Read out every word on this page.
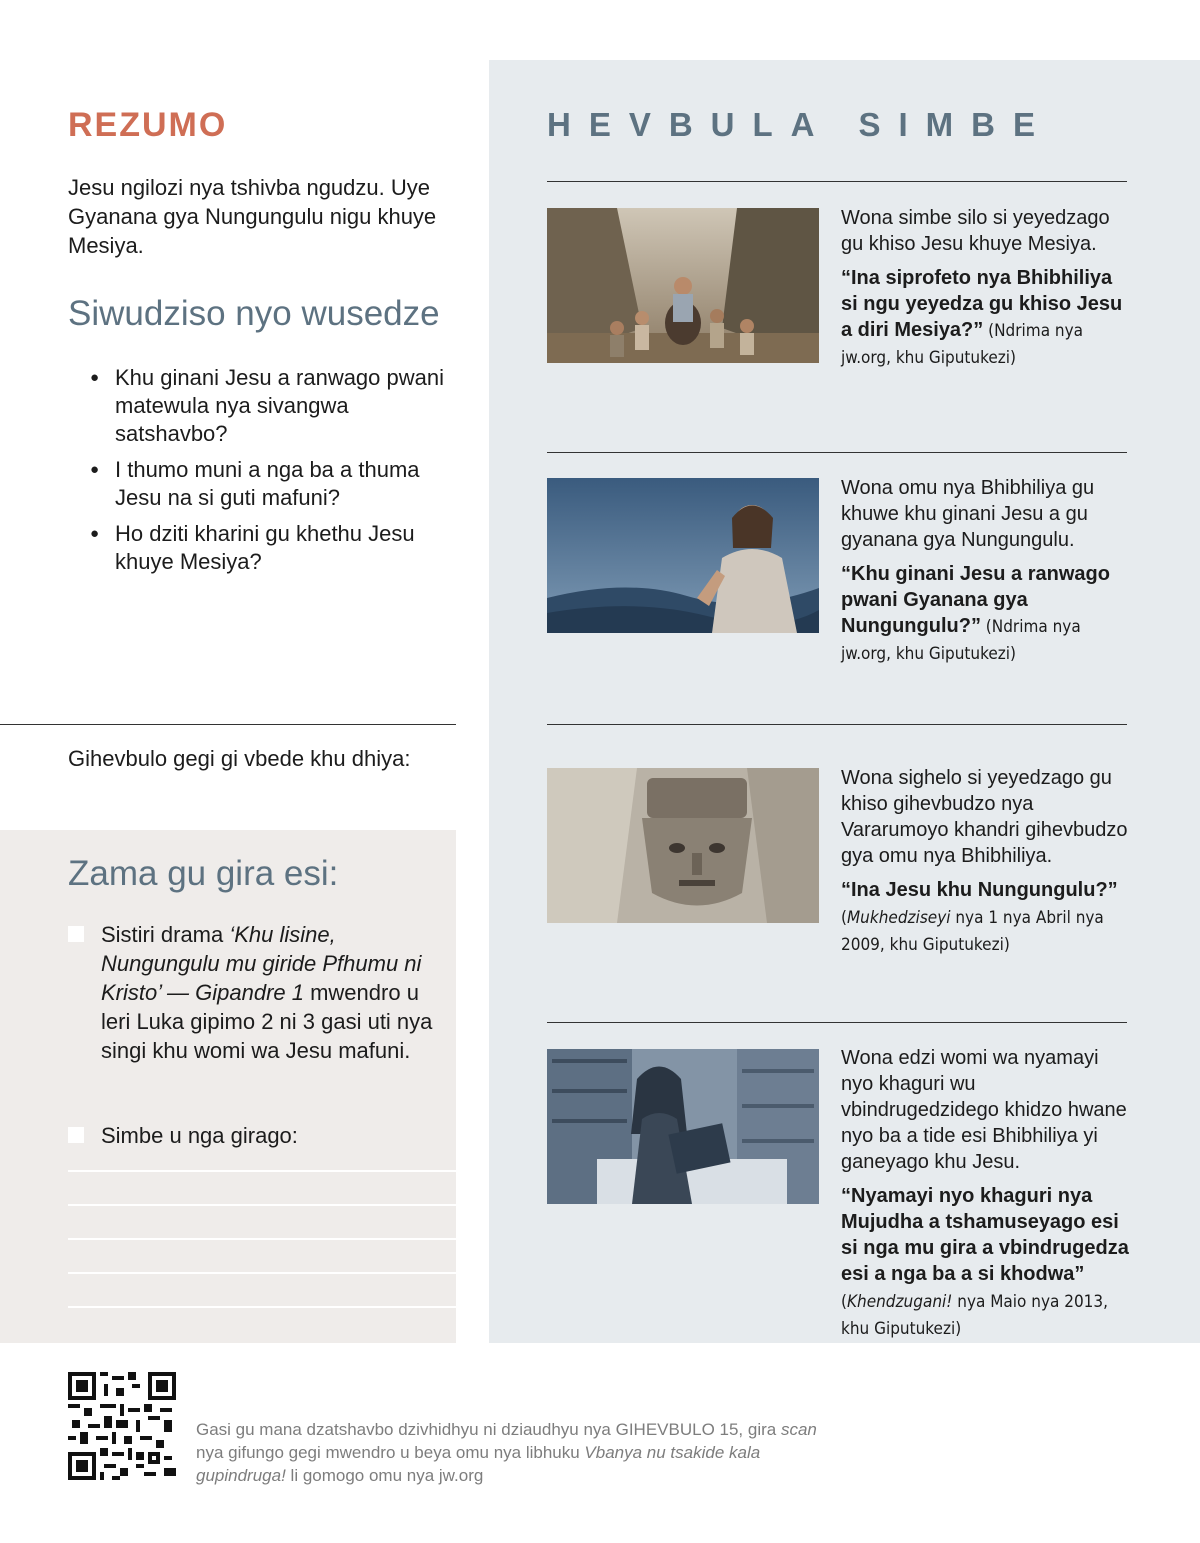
REZUMO

Jesu ngilozi nya tshivba ngudzu. Uye Gyanana gya Nungungulu nigu khuye Mesiya.

Siwudziso nyo wusedze
● Khu ginani Jesu a ranwago pwani matewula nya sivangwa satshavbo?
● I thumo muni a nga ba a thuma Jesu na si guti mafuni?
● Ho dziti kharini gu khethu Jesu khuye Mesiya?

Gihevbulo gegi gi vbede khu dhiya:

Zama gu gira esi:
Sistiri drama ‘Khu lisine, Nungungulu mu giride Pfhumu ni Kristo’ — Gipandre 1 mwendro u leri Luka gipimo 2 ni 3 gasi uti nya singi khu womi wa Jesu mafuni.
Simbe u nga girago:
HEVBULA SIMBE
Wona simbe silo si yeyedzago gu khiso Jesu khuye Mesiya.
“Ina siprofeto nya Bhibhiliya si ngu yeyedza gu khiso Jesu a diri Mesiya?” (Ndrima nya jw.org, khu Giputukezi)
Wona omu nya Bhibhiliya gu khuwe khu ginani Jesu a gu gyanana gya Nungungulu.
“Khu ginani Jesu a ranwago pwani Gyanana gya Nungungulu?” (Ndrima nya jw.org, khu Giputukezi)
Wona sighelo si yeyedzago gu khiso gihevbudzo nya Vararumoyo khandri gihevbudzo gya omu nya Bhibhiliya.
“Ina Jesu khu Nungungulu?” (Mukhedziseyi nya 1 nya Abril nya 2009, khu Giputukezi)
Wona edzi womi wa nyamayi nyo khaguri wu vbindrugedzidego khidzo hwane nyo ba a tide esi Bhibhiliya yi ganeyago khu Jesu.
“Nyamayi nyo khaguri nya Mujudha a tshamuseyago esi si nga mu gira a vbindrugedza esi a nga ba a si khodwa” (Khendzugani! nya Maio nya 2013, khu Giputukezi)
Gasi gu mana dzatshavbo dzivhidhyu ni dziaudhyu nya GIHEVBULO 15, gira scan nya gifungo gegi mwendro u beya omu nya libhuku Vbanya nu tsakide kala gupindruga! li gomogo omu nya jw.org
